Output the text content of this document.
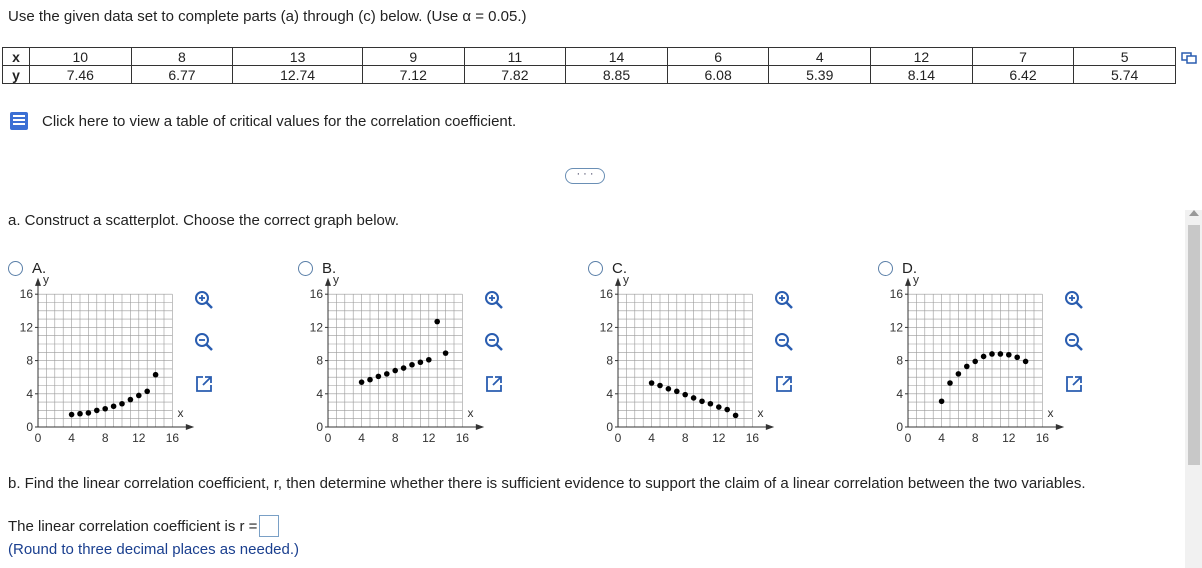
Use the given data set to complete parts (a) through (c) below. (Use α = 0.05.)
x	10	8	13	9	11	14	6	4	12	7	5
y	7.46	6.77	12.74	7.12	7.82	8.85	6.08	5.39	8.14	6.42	5.74
Click here to view a table of critical values for the correlation coefficient.
· · ·
a. Construct a scatterplot. Choose the correct graph below.
A.
0 4 8 12 16
16
12
8
4
0
y
x
B.
0 4 8 12 16
16
12
8
4
0
y
x
C.
0 4 8 12 16
16
12
8
4
0
y
x
D.
0 4 8 12 16
16
12
8
4
0
y
x
b. Find the linear correlation coefficient, r, then determine whether there is sufficient evidence to support the claim of a linear correlation between the two variables.
The linear correlation coefficient is r =
(Round to three decimal places as needed.)
